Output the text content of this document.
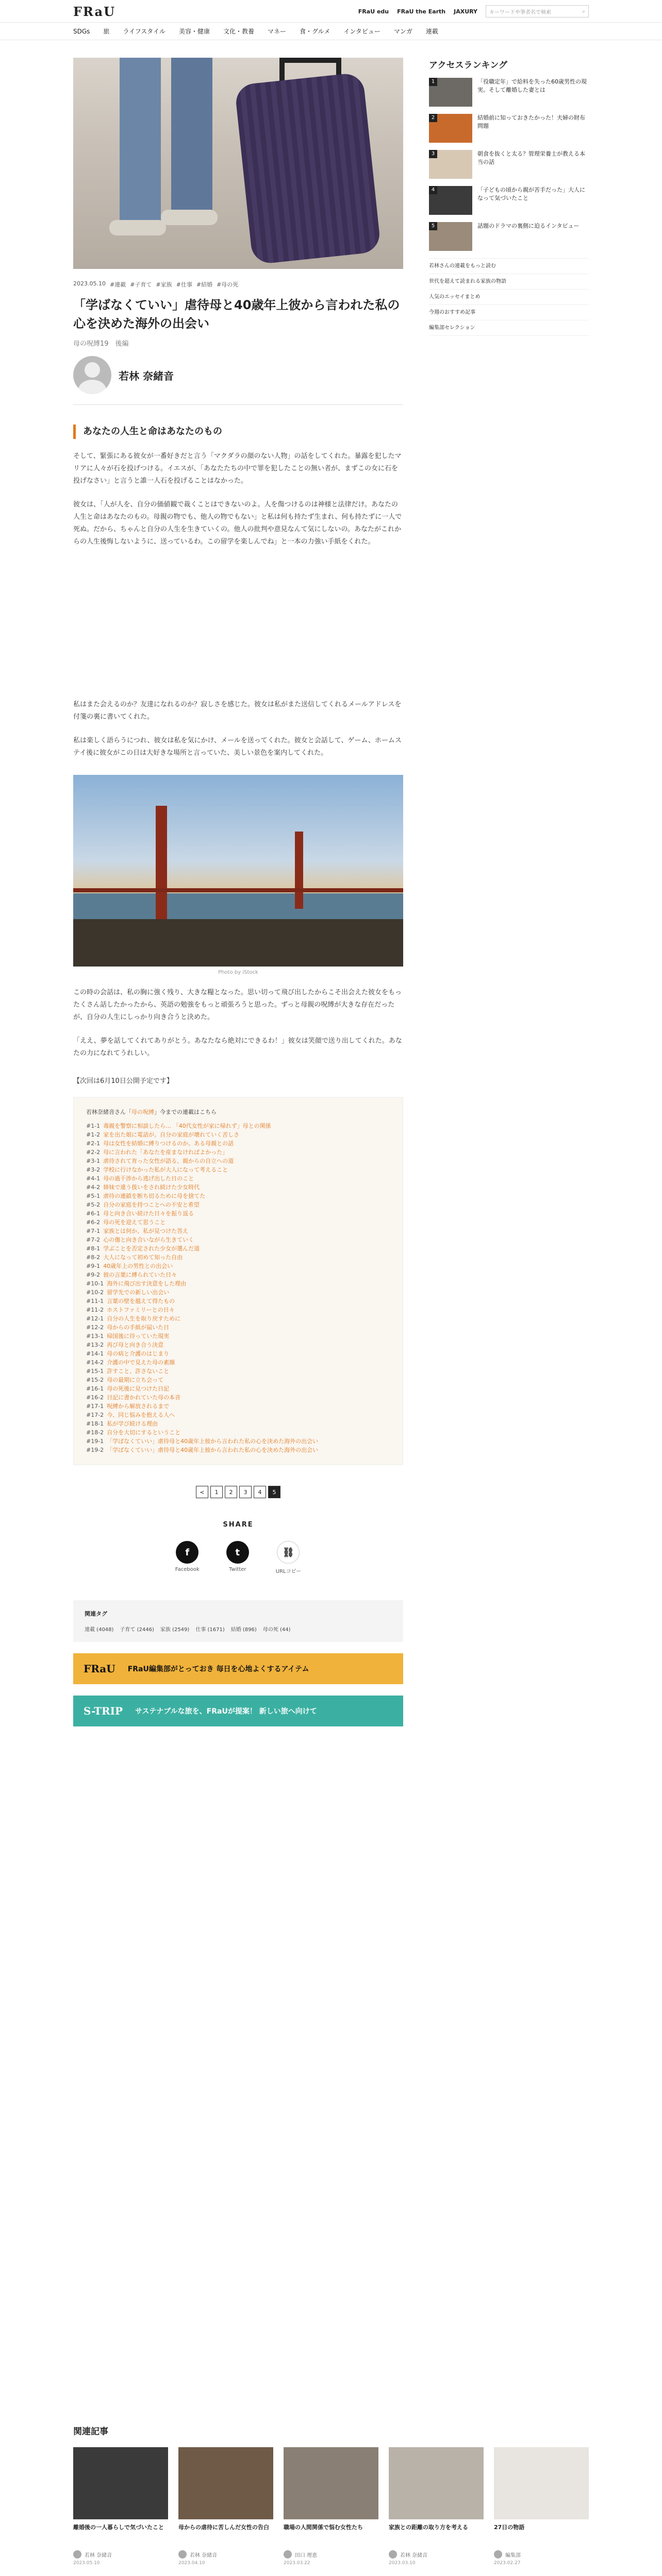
FRaU	FRaU edu FRaU the Earth JAXURY キーワードや筆者名で検索	⌕
SDGs 旅 ライフスタイル 美容・健康 文化・教養 マネー 食・グルメ インタビュー マンガ 連載
2023.05.10 #連載 #子育て #家族 #仕事 #結婚 #母の死
「学ばなくていい」虐待母と40歳年上彼から言われた私の心を決めた海外の出会い
母の呪縛19　後編
若林 奈緒音
あなたの人生と命はあなたのもの

そして、緊張にある彼女が一番好きだと言う「マクダラの顔のない人物」の話をしてくれた。暴露を犯したマリアに人々が石を投げつける。イエスが、「あなたたちの中で罪を犯したことの無い者が、まずこの女に石を投げなさい」と言うと誰一人石を投げることはなかった。

彼女は、「人が人を、自分の価値観で裁くことはできないのよ。人を傷つけるのは神様と法律だけ。あなたの人生と命はあなたのもの。母親の物でも、他人の物でもない」と私は何も持たず生まれ、何も持たずに一人で死ぬ。だから、ちゃんと自分の人生を生きていくの。他人の批判や意見なんて気にしないの。あなたがこれからの人生後悔しないように、送っているわ。この留学を楽しんでね」と一本の力強い手紙をくれた。

私はまた会えるのか？友達になれるのか？寂しさを感じた。彼女は私がまた送信してくれるメールアドレスを付箋の裏に書いてくれた。

私は楽しく語らうにつれ、彼女は私を気にかけ、メールを送ってくれた。彼女と会話して、ゲーム、ホームステイ後に彼女がこの日は大好きな場所と言っていた、美しい景色を案内してくれた。

Photo by iStock

この時の会話は、私の胸に強く残り、大きな糧となった。思い切って飛び出したからこそ出会えた彼女をもったくさん話したかったから、英語の勉強をもっと頑張ろうと思った。ずっと母親の呪縛が大きな存在だったが、自分の人生にしっかり向き合うと決めた。

「ええ、夢を話してくれてありがとう。あなたなら絶対にできるわ！」彼女は笑顔で送り出してくれた。あなたの力になれてうれしい。

【次回は6月10日公開予定です】

若林奈緒音さん「母の呪縛」今までの連載はこちら
#1-1 毒親を警察に相談したら… 「40代女性が家に帰れず」母との関係
#1-2 家を出た娘に電話が。自分の家庭が壊れていく苦しさ
#2-1 母は女性を結婚に縛りつけるのか。ある母親との話
#2-2 母に言われた「あなたを産まなければよかった」
#3-1 虐待されて育った女性が語る、親からの自立への道
#3-2 学校に行けなかった私が大人になって考えること
#4-1 母の過干渉から逃げ出した日のこと
#4-2 姉妹で違う扱いをされ続けた少女時代
#5-1 虐待の連鎖を断ち切るために母を捨てた
#5-2 自分の家庭を持つことへの不安と希望
#6-1 母と向き合い続けた日々を振り返る
#6-2 母の死を迎えて思うこと
#7-1 家族とは何か、私が見つけた答え
#7-2 心の傷と向き合いながら生きていく
#8-1 学ぶことを否定された少女が選んだ道
#8-2 大人になって初めて知った自由
#9-1 40歳年上の男性との出会い
#9-2 彼の言葉に縛られていた日々
#10-1 海外に飛び出す決意をした理由
#10-2 留学先での新しい出会い
#11-1 言葉の壁を越えて得たもの
#11-2 ホストファミリーとの日々
#12-1 自分の人生を取り戻すために
#12-2 母からの手紙が届いた日
#13-1 帰国後に待っていた現実
#13-2 再び母と向き合う決意
#14-1 母の病と介護のはじまり
#14-2 介護の中で見えた母の素顔
#15-1 許すこと、許さないこと
#15-2 母の最期に立ち会って
#16-1 母の死後に見つけた日記
#16-2 日記に書かれていた母の本音
#17-1 呪縛から解放されるまで
#17-2 今、同じ悩みを抱える人へ
#18-1 私が学び続ける理由
#18-2 自分を大切にするということ
#19-1 「学ばなくていい」虐待母と40歳年上彼から言われた私の心を決めた海外の出会い
#19-2 「学ばなくていい」虐待母と40歳年上彼から言われた私の心を決めた海外の出会い
<	1	2	3	4	5
SHARE
f
Facebook
t
Twitter
⛓
URLコピー
関連タグ
連載 (4048) 子育て (2446) 家族 (2549) 仕事 (1671) 結婚 (896) 母の死 (44)
FRaU FRaU編集部がとっておき 毎日を心地よくするアイテム
S-TRIP サステナブルな旅を、FRaUが提案！ 新しい旅へ向けて
アクセスランキング
1	「役職定年」で給料を失った60歳男性の現実。そして離婚した妻とは
2	結婚前に知っておきたかった！夫婦の財布問題
3	朝食を抜くと太る？管理栄養士が教える本当の話
4	「子どもの頃から親が苦手だった」大人になって気づいたこと
5	話題のドラマの裏側に迫るインタビュー
若林さんの連載をもっと読む
世代を超えて読まれる家族の物語
人気のエッセイまとめ
今週のおすすめ記事
編集部セレクション
関連記事
離婚後の一人暮らしで気づいたこと
若林 奈緒音
2023.05.10
母からの虐待に苦しんだ女性の告白
若林 奈緒音
2023.04.10
職場の人間関係で悩む女性たち
田口 理恵
2023.03.22
家族との距離の取り方を考える
若林 奈緒音
2023.03.10
27日の物語
編集部
2023.02.27
